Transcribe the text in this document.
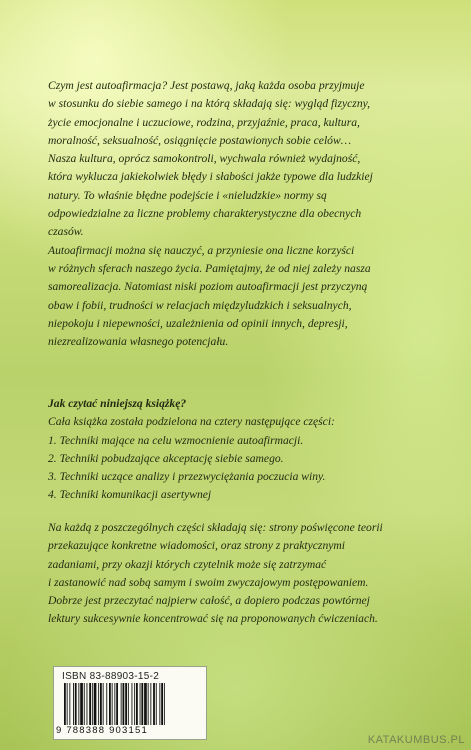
Czym jest autoafirmacja? Jest postawą, jaką każda osoba przyjmuje

w stosunku do siebie samego i na którą składają się: wygląd fizyczny,

życie emocjonalne i uczuciowe, rodzina, przyjaźnie, praca, kultura,

moralność, seksualność, osiągnięcie postawionych sobie celów…

Nasza kultura, oprócz samokontroli, wychwala również wydajność,

która wyklucza jakiekolwiek błędy i słabości jakże typowe dla ludzkiej

natury. To właśnie błędne podejście i «nieludzkie» normy są

odpowiedzialne za liczne problemy charakterystyczne dla obecnych

czasów.

Autoafirmacji można się nauczyć, a przyniesie ona liczne korzyści

w różnych sferach naszego życia. Pamiętajmy, że od niej zależy nasza

samorealizacja. Natomiast niski poziom autoafirmacji jest przyczyną

obaw i fobii, trudności w relacjach międzyludzkich i seksualnych,

niepokoju i niepewności, uzależnienia od opinii innych, depresji,

niezrealizowania własnego potencjału.

Jak czytać niniejszą książkę?

Cała książka została podzielona na cztery następujące części:

1. Techniki mające na celu wzmocnienie autoafirmacji.

2. Techniki pobudzające akceptację siebie samego.

3. Techniki uczące analizy i przezwyciężania poczucia winy.

4. Techniki komunikacji asertywnej

Na każdą z poszczególnych części składają się: strony poświęcone teorii

przekazujące konkretne wiadomości, oraz strony z praktycznymi

zadaniami, przy okazji których czytelnik może się zatrzymać

i zastanowić nad sobą samym i swoim zwyczajowym postępowaniem.

Dobrze jest przeczytać najpierw całość, a dopiero podczas powtórnej

lektury sukcesywnie koncentrować się na proponowanych ćwiczeniach.

ISBN 83-88903-15-2
9 788388 903151
KATAKUMBUS.PL
